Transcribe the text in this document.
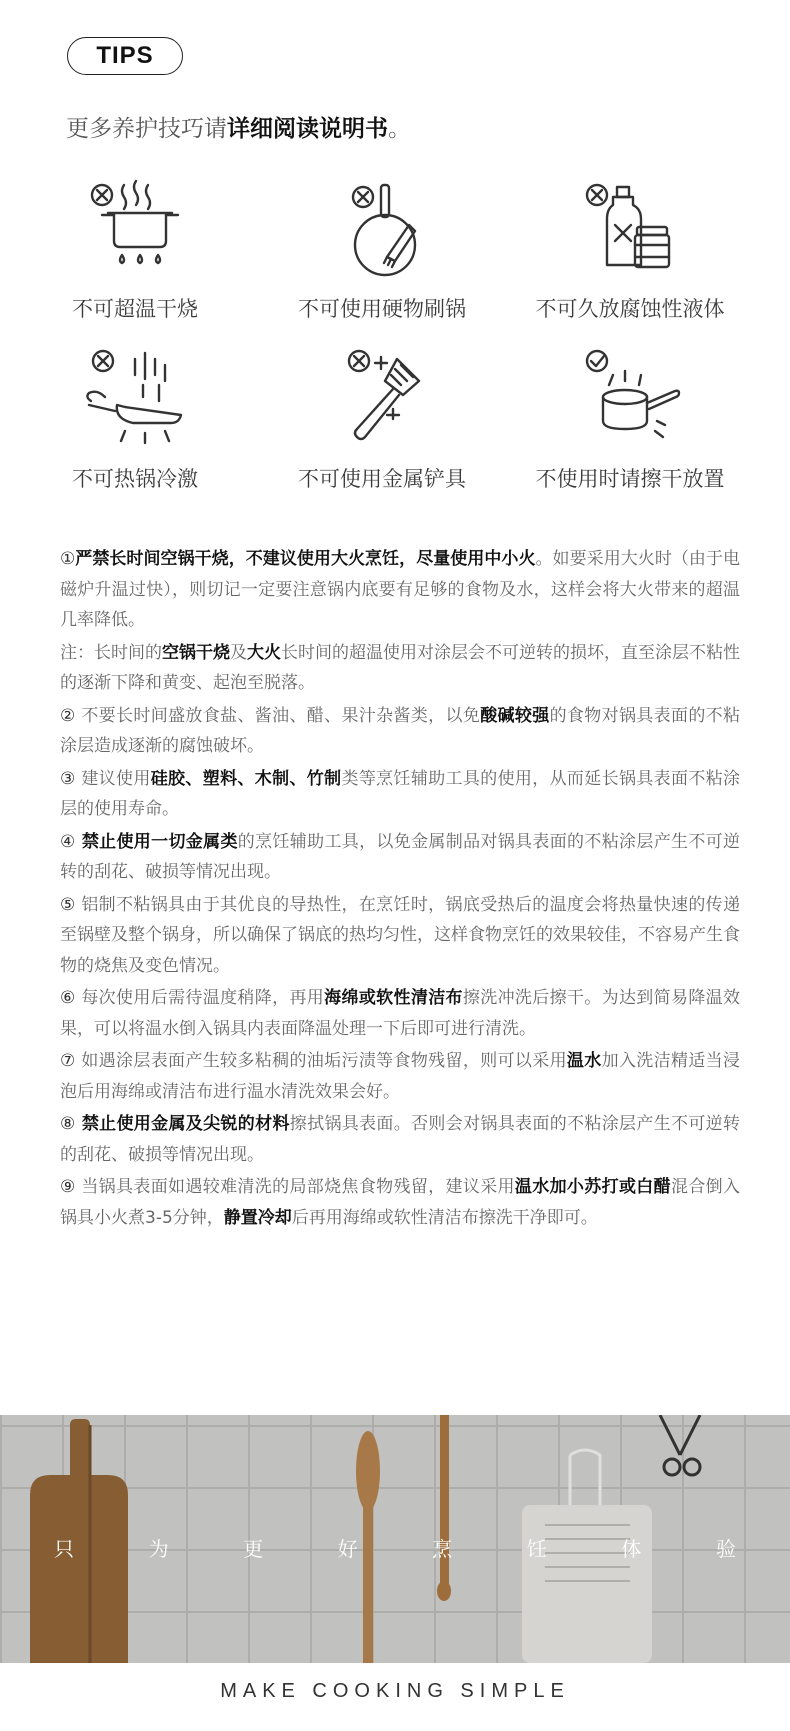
TIPS
更多养护技巧请详细阅读说明书。
不可超温干烧	不可使用硬物刷锅	不可久放腐蚀性液体
不可热锅冷激	不可使用金属铲具	不使用时请擦干放置

①严禁长时间空锅干烧，不建议使用大火烹饪，尽量使用中小火。如要采用大火时（由于电磁炉升温过快），则切记一定要注意锅内底要有足够的食物及水，这样会将大火带来的超温几率降低。

注：长时间的空锅干烧及大火长时间的超温使用对涂层会不可逆转的损坏，直至涂层不粘性的逐渐下降和黄变、起泡至脱落。

② 不要长时间盛放食盐、酱油、醋、果汁杂酱类，以免酸碱较强的食物对锅具表面的不粘涂层造成逐渐的腐蚀破坏。

③ 建议使用硅胶、塑料、木制、竹制类等烹饪辅助工具的使用，从而延长锅具表面不粘涂层的使用寿命。

④ 禁止使用一切金属类的烹饪辅助工具，以免金属制品对锅具表面的不粘涂层产生不可逆转的刮花、破损等情况出现。

⑤ 铝制不粘锅具由于其优良的导热性，在烹饪时，锅底受热后的温度会将热量快速的传递至锅壁及整个锅身，所以确保了锅底的热均匀性，这样食物烹饪的效果较佳，不容易产生食物的烧焦及变色情况。

⑥ 每次使用后需待温度稍降，再用海绵或软性清洁布擦洗冲洗后擦干。为达到简易降温效果，可以将温水倒入锅具内表面降温处理一下后即可进行清洗。

⑦ 如遇涂层表面产生较多粘稠的油垢污渍等食物残留，则可以采用温水加入洗洁精适当浸泡后用海绵或清洁布进行温水清洗效果会好。

⑧ 禁止使用金属及尖锐的材料擦拭锅具表面。否则会对锅具表面的不粘涂层产生不可逆转的刮花、破损等情况出现。

⑨ 当锅具表面如遇较难清洗的局部烧焦食物残留，建议采用温水加小苏打或白醋混合倒入锅具小火煮3-5分钟，静置冷却后再用海绵或软性清洁布擦洗干净即可。

只	为	更	好	烹	饪	体	验
MAKE COOKING SIMPLE
